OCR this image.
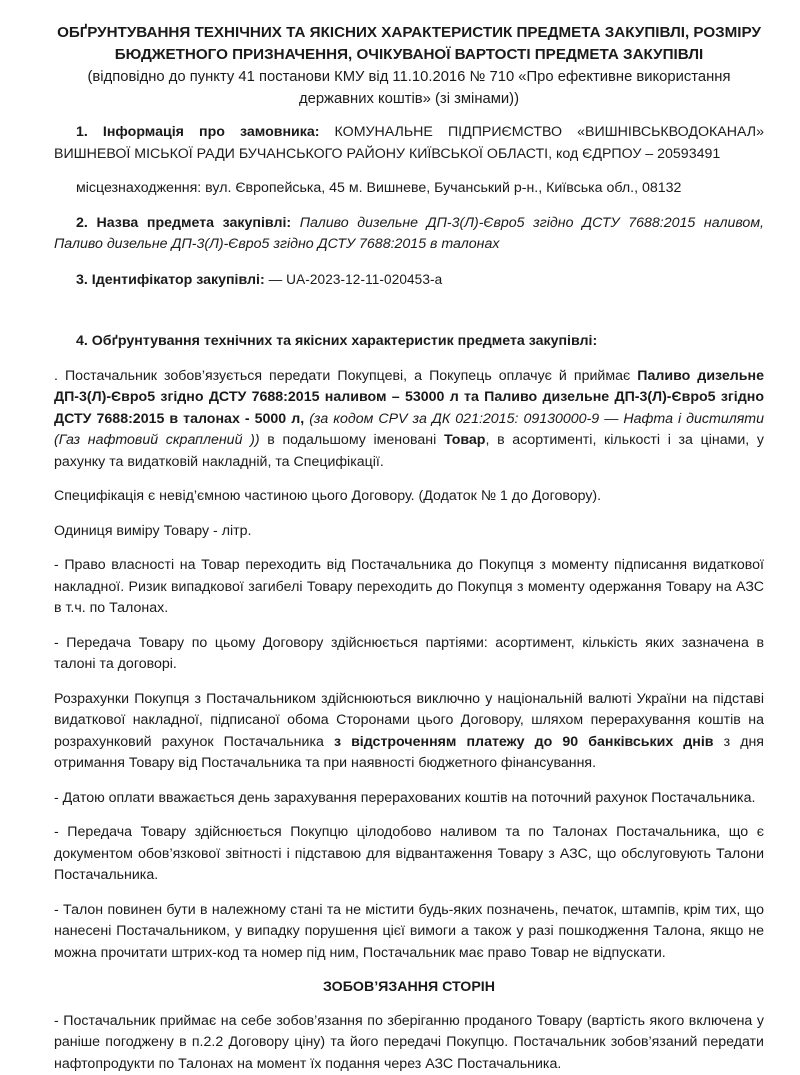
ОБҐРУНТУВАННЯ ТЕХНІЧНИХ ТА ЯКІСНИХ ХАРАКТЕРИСТИК ПРЕДМЕТА ЗАКУПІВЛІ, РОЗМІРУ БЮДЖЕТНОГО ПРИЗНАЧЕННЯ, ОЧІКУВАНОЇ ВАРТОСТІ ПРЕДМЕТА ЗАКУПІВЛІ

(відповідно до пункту 41 постанови КМУ від 11.10.2016 № 710 «Про ефективне використання державних коштів» (зі змінами))

1. Інформація про замовника: КОМУНАЛЬНЕ ПІДПРИЄМСТВО «ВИШНІВСЬКВОДОКАНАЛ» ВИШНЕВОЇ МІСЬКОЇ РАДИ БУЧАНСЬКОГО РАЙОНУ КИЇВСЬКОЇ ОБЛАСТІ, код ЄДРПОУ – 20593491

місцезнаходження: вул. Європейська, 45 м. Вишневе, Бучанський р-н., Київська обл., 08132

2. Назва предмета закупівлі: Паливо дизельне ДП-3(Л)-Євро5 згідно ДСТУ 7688:2015 наливом, Паливо дизельне ДП-3(Л)-Євро5 згідно ДСТУ 7688:2015 в талонах

3. Ідентифікатор закупівлі: — UA-2023-12-11-020453-a

4. Обґрунтування технічних та якісних характеристик предмета закупівлі:

. Постачальник зобов’язується передати Покупцеві, а Покупець оплачує й приймає Паливо дизельне ДП-3(Л)-Євро5 згідно ДСТУ 7688:2015 наливом – 53000 л та Паливо дизельне ДП-3(Л)-Євро5 згідно ДСТУ 7688:2015 в талонах - 5000 л, (за кодом CPV за ДК 021:2015: 09130000-9 — Нафта і дистиляти (Газ нафтовий скраплений )) в подальшому іменовані Товар, в асортименті, кількості і за цінами, у рахунку та видатковій накладній, та Специфікації.

Специфікація є невід’ємною частиною цього Договору. (Додаток № 1 до Договору).

Одиниця виміру Товару - літр.

- Право власності на Товар переходить від Постачальника до Покупця з моменту підписання видаткової накладної. Ризик випадкової загибелі Товару переходить до Покупця з моменту одержання Товару на АЗС в т.ч. по Талонах.

- Передача Товару по цьому Договору здійснюється партіями: асортимент, кількість яких зазначена в талоні та договорі.

Розрахунки Покупця з Постачальником здійснюються виключно у національній валюті України на підставі видаткової накладної, підписаної обома Сторонами цього Договору, шляхом перерахування коштів на розрахунковий рахунок Постачальника з відстроченням платежу до 90 банківських днів з дня отримання Товару від Постачальника та при наявності бюджетного фінансування.

- Датою оплати вважається день зарахування перерахованих коштів на поточний рахунок Постачальника.

- Передача Товару здійснюється Покупцю цілодобово наливом та по Талонах Постачальника, що є документом обов’язкової звітності і підставою для відвантаження Товару з АЗС, що обслуговують Талони Постачальника.

- Талон повинен бути в належному стані та не містити будь-яких позначень, печаток, штампів, крім тих, що нанесені Постачальником, у випадку порушення цієї вимоги а також у разі пошкодження Талона, якщо не можна прочитати штрих-код та номер під ним, Постачальник має право Товар не відпускати.

ЗОБОВ’ЯЗАННЯ СТОРІН

- Постачальник приймає на себе зобов’язання по зберіганню проданого Товару (вартість якого включена у раніше погоджену в п.2.2 Договору ціну) та його передачі Покупцю. Постачальник зобов’язаний передати нафтопродукти по Талонах на момент їх подання через АЗС Постачальника.
